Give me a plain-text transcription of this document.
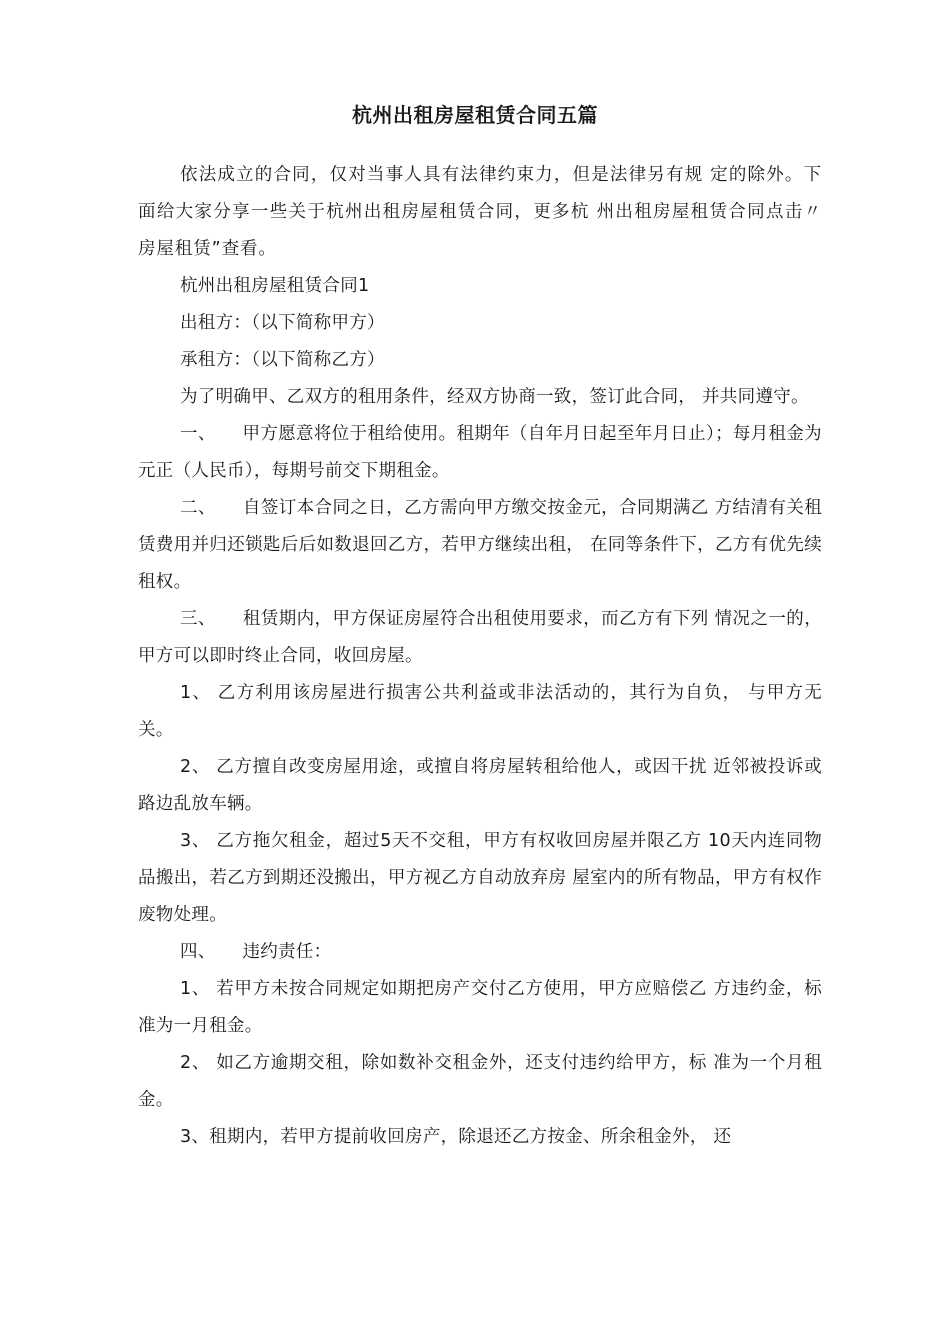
杭州出租房屋租赁合同五篇

依法成立的合同，仅对当事人具有法律约束力，但是法律另有规 定的除外。下面给大家分享一些关于杭州出租房屋租赁合同，更多杭 州出租房屋租赁合同点击〃房屋租赁”查看。

杭州出租房屋租赁合同1

出租方：（以下简称甲方）

承租方：（以下简称乙方）

为了明确甲、乙双方的租用条件，经双方协商一致，签订此合同， 并共同遵守。

一、　　甲方愿意将位于租给使用。租期年（自年月日起至年月日止）；每月租金为元正（人民币），每期号前交下期租金。

二、　　自签订本合同之日，乙方需向甲方缴交按金元，合同期满乙 方结清有关租赁费用并归还锁匙后后如数退回乙方，若甲方继续出租， 在同等条件下，乙方有优先续租权。

三、　　租赁期内，甲方保证房屋符合出租使用要求，而乙方有下列 情况之一的，甲方可以即时终止合同，收回房屋。

1、 乙方利用该房屋进行损害公共利益或非法活动的，其行为自负， 与甲方无关。

2、 乙方擅自改变房屋用途，或擅自将房屋转租给他人，或因干扰 近邻被投诉或路边乱放车辆。

3、 乙方拖欠租金，超过5天不交租，甲方有权收回房屋并限乙方 10天内连同物品搬出，若乙方到期还没搬出，甲方视乙方自动放弃房 屋室内的所有物品，甲方有权作废物处理。

四、　　违约责任：

1、 若甲方未按合同规定如期把房产交付乙方使用，甲方应赔偿乙 方违约金，标准为一月租金。

2、 如乙方逾期交租，除如数补交租金外，还支付违约给甲方，标 准为一个月租金。

3、租期内，若甲方提前收回房产，除退还乙方按金、所余租金外， 还
